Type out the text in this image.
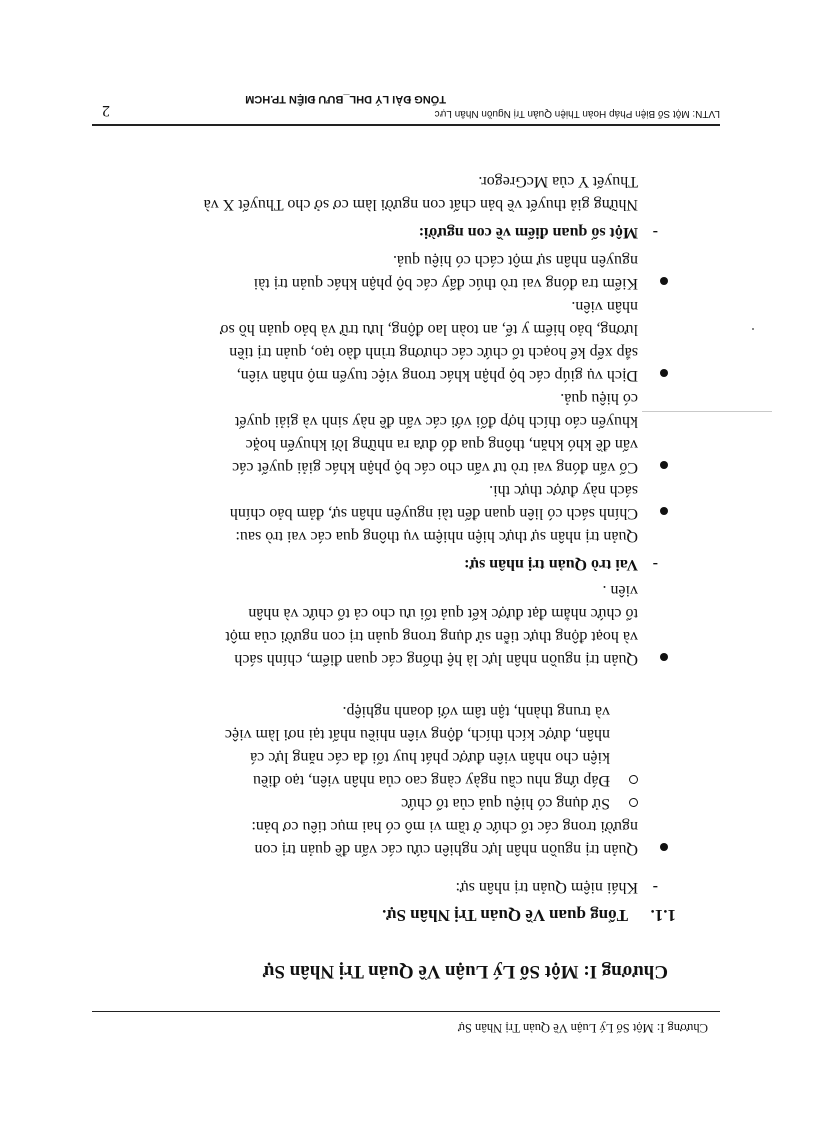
Chương I: Một Số Lý Luận Về Quản Trị Nhân Sự
Chương I: Một Số Lý Luận Về Quản Trị Nhân Sự
1.1.
Tổng quan Về Quản Trị Nhân Sự.
-
Khái niệm Quản trị nhân sự:
Quản trị nguồn nhân lực nghiên cứu các vấn đề quản trị con
người trong các tổ chức ở tầm vi mô có hai mục tiêu cơ bản:
Sử dụng có hiệu quả của tổ chức
Đáp ứng nhu cầu ngày càng cao của nhân viên, tạo điều
kiện cho nhân viên được phát huy tối đa các năng lực cá
nhân, được kích thích, động viên nhiều nhất tại nơi làm việc
và trung thành, tận tâm với doanh nghiệp.
Quản trị nguồn nhân lực là hệ thống các quan điểm, chính sách
và hoạt động thực tiễn sử dụng trong quản trị con người của một
tổ chức nhằm đạt được kết quả tối ưu cho cả tổ chức và nhân
viên .
-
Vai trò Quản trị nhân sự:
Quản trị nhân sự thực hiện nhiệm vụ thông qua các vai trò sau:
Chính sách có liên quan đến tài nguyên nhân sự, đảm bảo chính
sách này được thực thi.
Cố vấn đóng vai trò tư vấn cho các bộ phận khác giải quyết các
vấn đề khó khăn, thông qua đó đưa ra những lời khuyến hoặc
khuyến cáo thích hợp đối với các vấn đề này sinh và giải quyết
có hiệu quả.
Dịch vụ giúp các bộ phận khác trong việc tuyển mộ nhân viên,
sắp xếp kế hoạch tổ chức các chương trình đào tạo, quản trị tiền
lương, bảo hiểm y tế, an toàn lao động, lưu trữ và bảo quản hồ sơ
nhân viên.
Kiểm tra đóng vai trò thúc đẩy các bộ phận khác quản trị tài
nguyên nhân sự một cách có hiệu quả.
-
Một số quan điểm về con người:
Những giả thuyết về bản chất con người làm cơ sở cho Thuyết X và
Thuyết Y của McGregor.
LVTN: Một Số Biện Pháp Hoàn Thiện Quản Trị Nguồn Nhân Lực
TỔNG ĐÀI LÝ DHL_BƯU ĐIỆN TP.HCM
2
